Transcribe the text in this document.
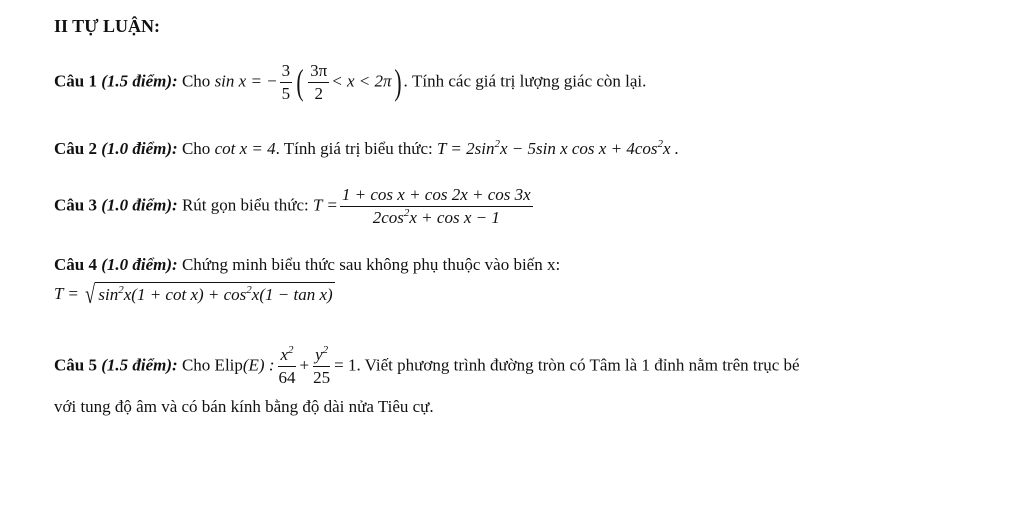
II TỰ LUẬN:
Câu 1 (1.5 điểm): Cho sin x = − $\frac{3}{5}$ ( $\frac{3\pi}{2} < x < 2\pi$) . Tính các giá trị lượng giác còn lại.
Câu 2 (1.0 điểm): Cho cot x = 4. Tính giá trị biểu thức: $T = 2\sin^2x - 5\sin$ x $\cos x + 4\cos^2x$ .
Câu 3 (1.0 điểm): Rút gọn biểu thức: $T = \frac{\text{1 + cos x + cos 2x + cos 3x}}{2\cos^2x + \cos x - 1}$
Câu 4 (1.0 điểm): Chứng minh biểu thức sau không phụ thuộc vào biến x:
T = √ $\sin^2x(1 + \cot x) + \cos^2x(1 - \tan x)$
Câu 5 (1.5 điểm): Cho Elip(E) : $\frac{x^2}{64} + \frac{y^2}{25} = 1$. Viết phương trình đường tròn có Tâm là 1 đỉnh nằm trên trục bé
với tung độ âm và có bán kính bằng độ dài nửa Tiêu cự.
